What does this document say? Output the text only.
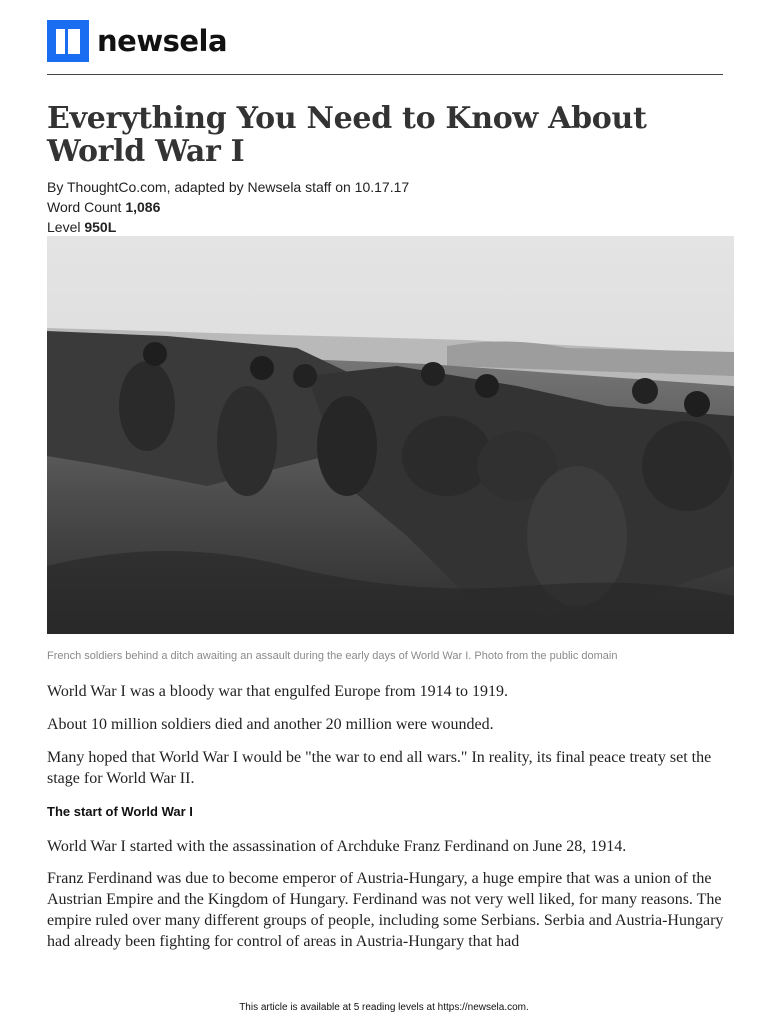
newsela
Everything You Need to Know About World War I
By ThoughtCo.com, adapted by Newsela staff on 10.17.17
Word Count 1,086
Level 950L
French soldiers behind a ditch awaiting an assault during the early days of World War I. Photo from the public domain

World War I was a bloody war that engulfed Europe from 1914 to 1919.

About 10 million soldiers died and another 20 million were wounded.

Many hoped that World War I would be "the war to end all wars." In reality, its final peace treaty set the stage for World War II.

The start of World War I

World War I started with the assassination of Archduke Franz Ferdinand on June 28, 1914.

Franz Ferdinand was due to become emperor of Austria-Hungary, a huge empire that was a union of the Austrian Empire and the Kingdom of Hungary. Ferdinand was not very well liked, for many reasons. The empire ruled over many different groups of people, including some Serbians. Serbia and Austria-Hungary had already been fighting for control of areas in Austria-Hungary that had

This article is available at 5 reading levels at https://newsela.com.
